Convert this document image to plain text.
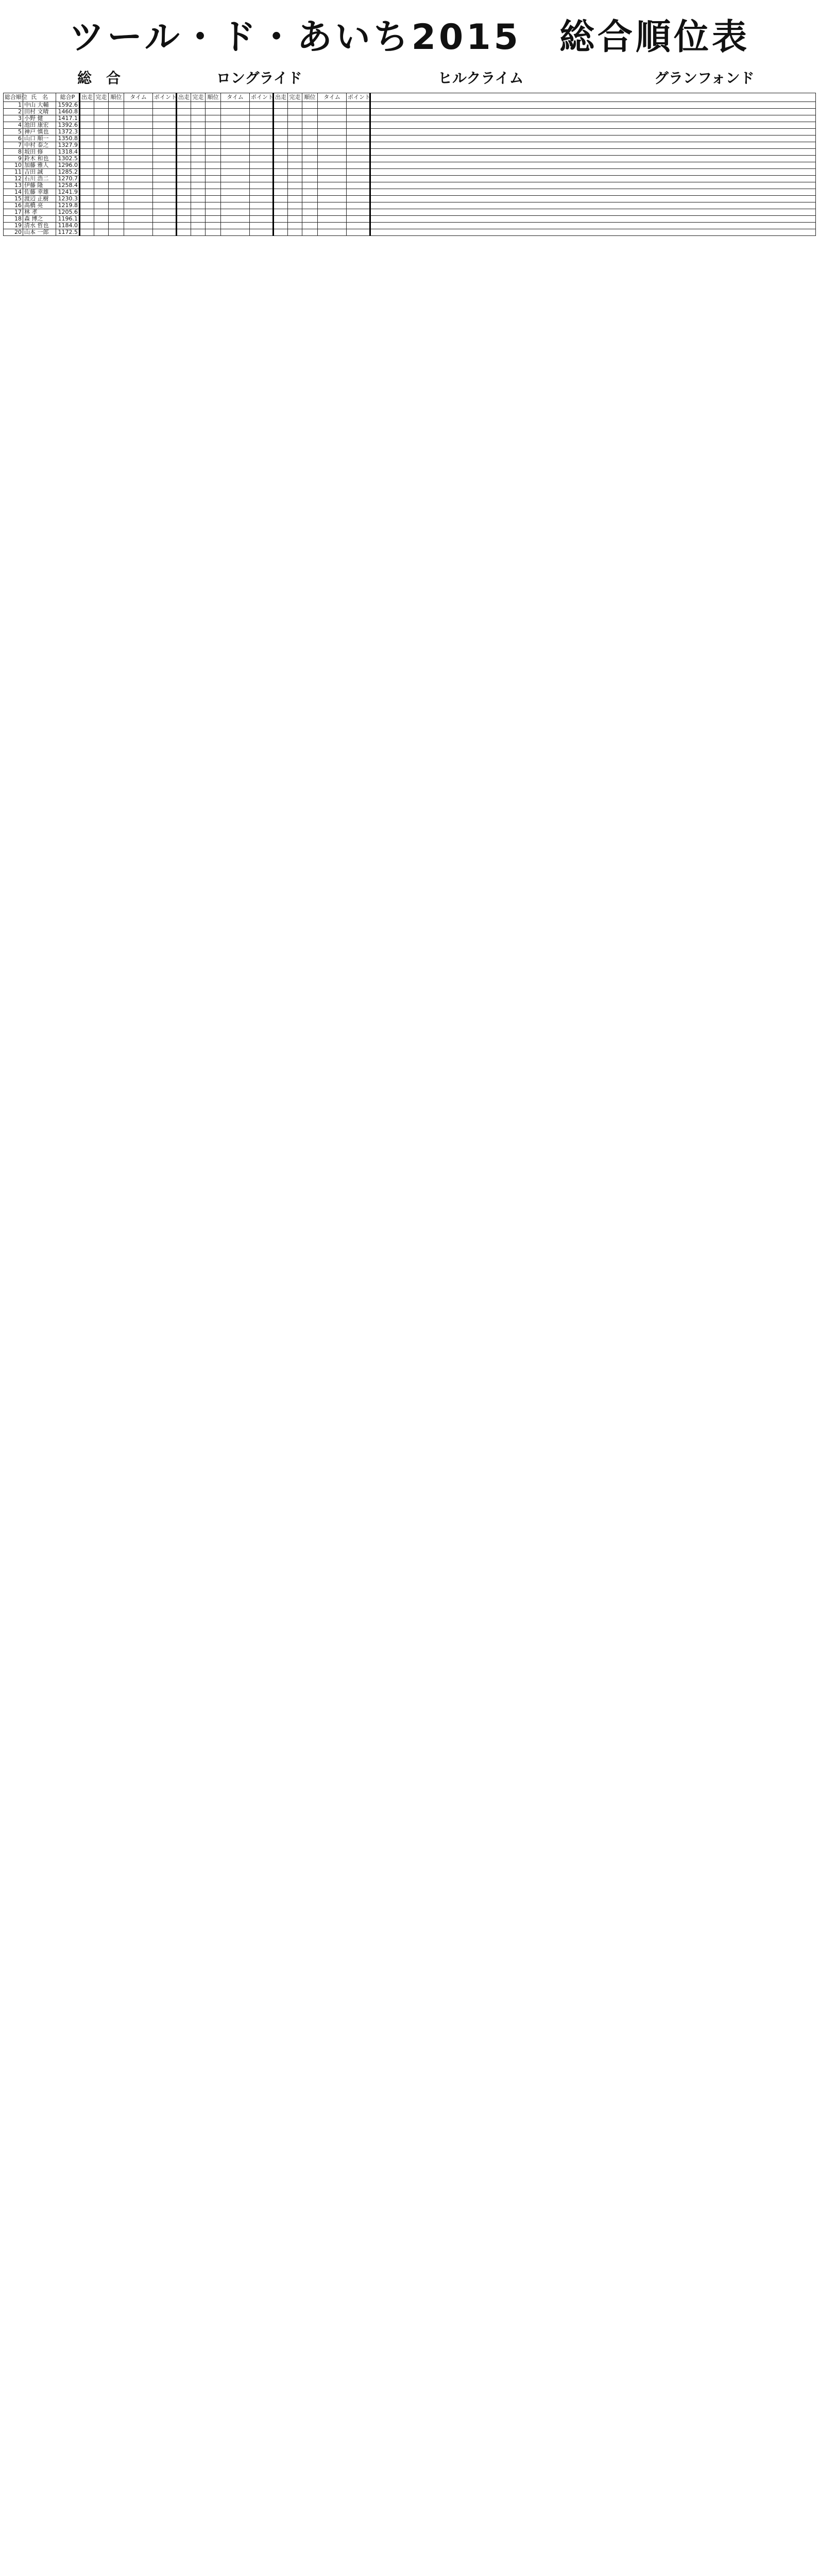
ツール・ド・あいち2015　総合順位表
総　合	ロングライド	ヒルクライム	グランフォンド
総合順位	氏　名	総合P	出走	完走	順位	タイム	ポイント	出走	完走	順位	タイム	ポイント	出走	完走	順位	タイム	ポイント	
1	中山 大輔	1592.6																
2	田村 文晴	1460.8																
3	小野 健	1417.1																
4	池田 康宏	1392.6																
5	神戸 慎也	1372.3																
6	山口 順一	1350.8																
7	中村 泰之	1327.9																
8	坂田 修	1318.4																
9	鈴木 和也	1302.5																
10	加藤 雅人	1296.0																
11	吉田 誠	1285.2																
12	石川 浩二	1270.7																
13	伊藤 隆	1258.4																
14	佐藤 幸雄	1241.9																
15	渡辺 正樹	1230.3																
16	高橋 亮	1219.8																
17	林 孝	1205.6																
18	森 博之	1196.1																
19	清水 哲也	1184.0																
20	山本 一郎	1172.5																
